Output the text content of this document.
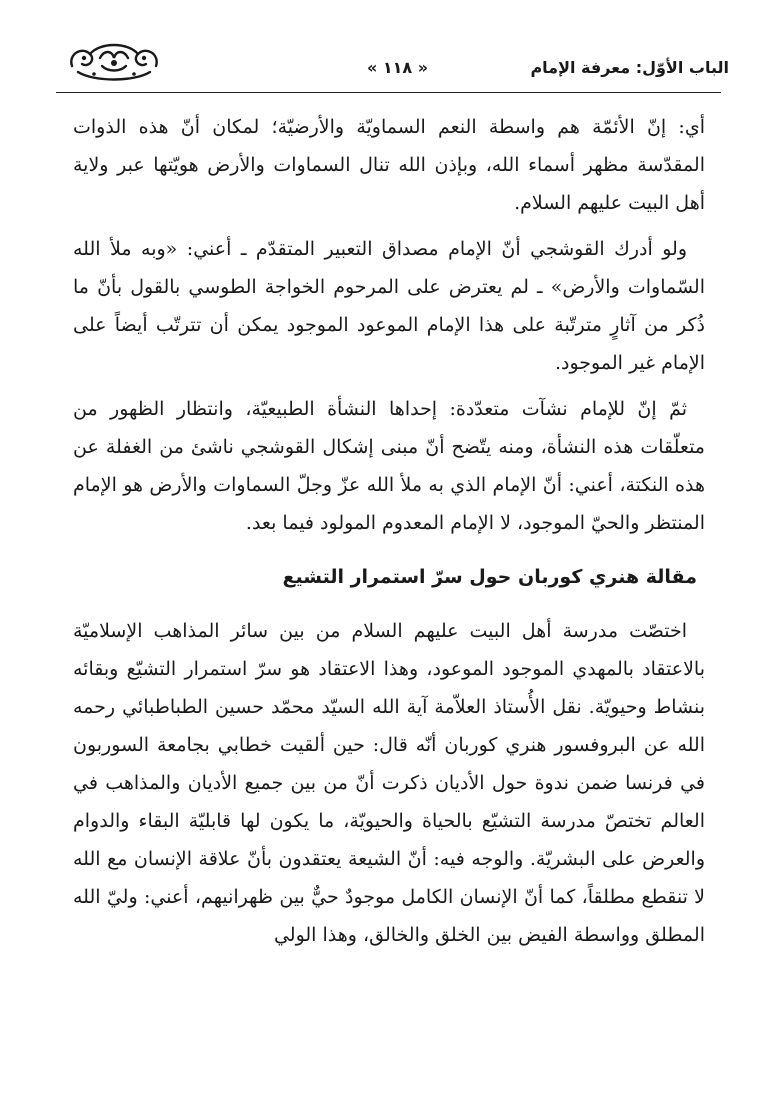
الباب الأوّل: معرفة الإمام
« ١١٨ »

أي: إنّ الأئمّة هم واسطة النعم السماويّة والأرضيّة؛ لمكان أنّ هذه الذوات المقدّسة مظهر أسماء الله، وبإذن الله تنال السماوات والأرض هويّتها عبر ولاية أهل البيت عليهم السلام.

ولو أدرك القوشجي أنّ الإمام مصداق التعبير المتقدّم ـ أعني: «وبه ملأ الله السّماوات والأرض» ـ لم يعترض على المرحوم الخواجة الطوسي بالقول بأنّ ما ذُكر من آثارٍ مترتّبة على هذا الإمام الموعود الموجود يمكن أن تترتّب أيضاً على الإمام غير الموجود.

ثمّ إنّ للإمام نشآت متعدّدة: إحداها النشأة الطبيعيّة، وانتظار الظهور من متعلّقات هذه النشأة، ومنه يتّضح أنّ مبنى إشكال القوشجي ناشئ من الغفلة عن هذه النكتة، أعني: أنّ الإمام الذي به ملأ الله عزّ وجلّ السماوات والأرض هو الإمام المنتظر والحيّ الموجود، لا الإمام المعدوم المولود فيما بعد.

مقالة هنري كوربان حول سرّ استمرار التشيع

اختصّت مدرسة أهل البيت عليهم السلام من بين سائر المذاهب الإسلاميّة بالاعتقاد بالمهدي الموجود الموعود، وهذا الاعتقاد هو سرّ استمرار التشيّع وبقائه بنشاط وحيويّة. نقل الأُستاذ العلاّمة آية الله السيّد محمّد حسين الطباطبائي رحمه الله عن البروفسور هنري كوربان أنّه قال: حين ألقيت خطابي بجامعة السوربون في فرنسا ضمن ندوة حول الأديان ذكرت أنّ من بين جميع الأديان والمذاهب في العالم تختصّ مدرسة التشيّع بالحياة والحيويّة، ما يكون لها قابليّة البقاء والدوام والعرض على البشريّة. والوجه فيه: أنّ الشيعة يعتقدون بأنّ علاقة الإنسان مع الله لا تنقطع مطلقاً، كما أنّ الإنسان الكامل موجودٌ حيٌّ بين ظهرانيهم، أعني: وليّ الله المطلق وواسطة الفيض بين الخلق والخالق، وهذا الولي
